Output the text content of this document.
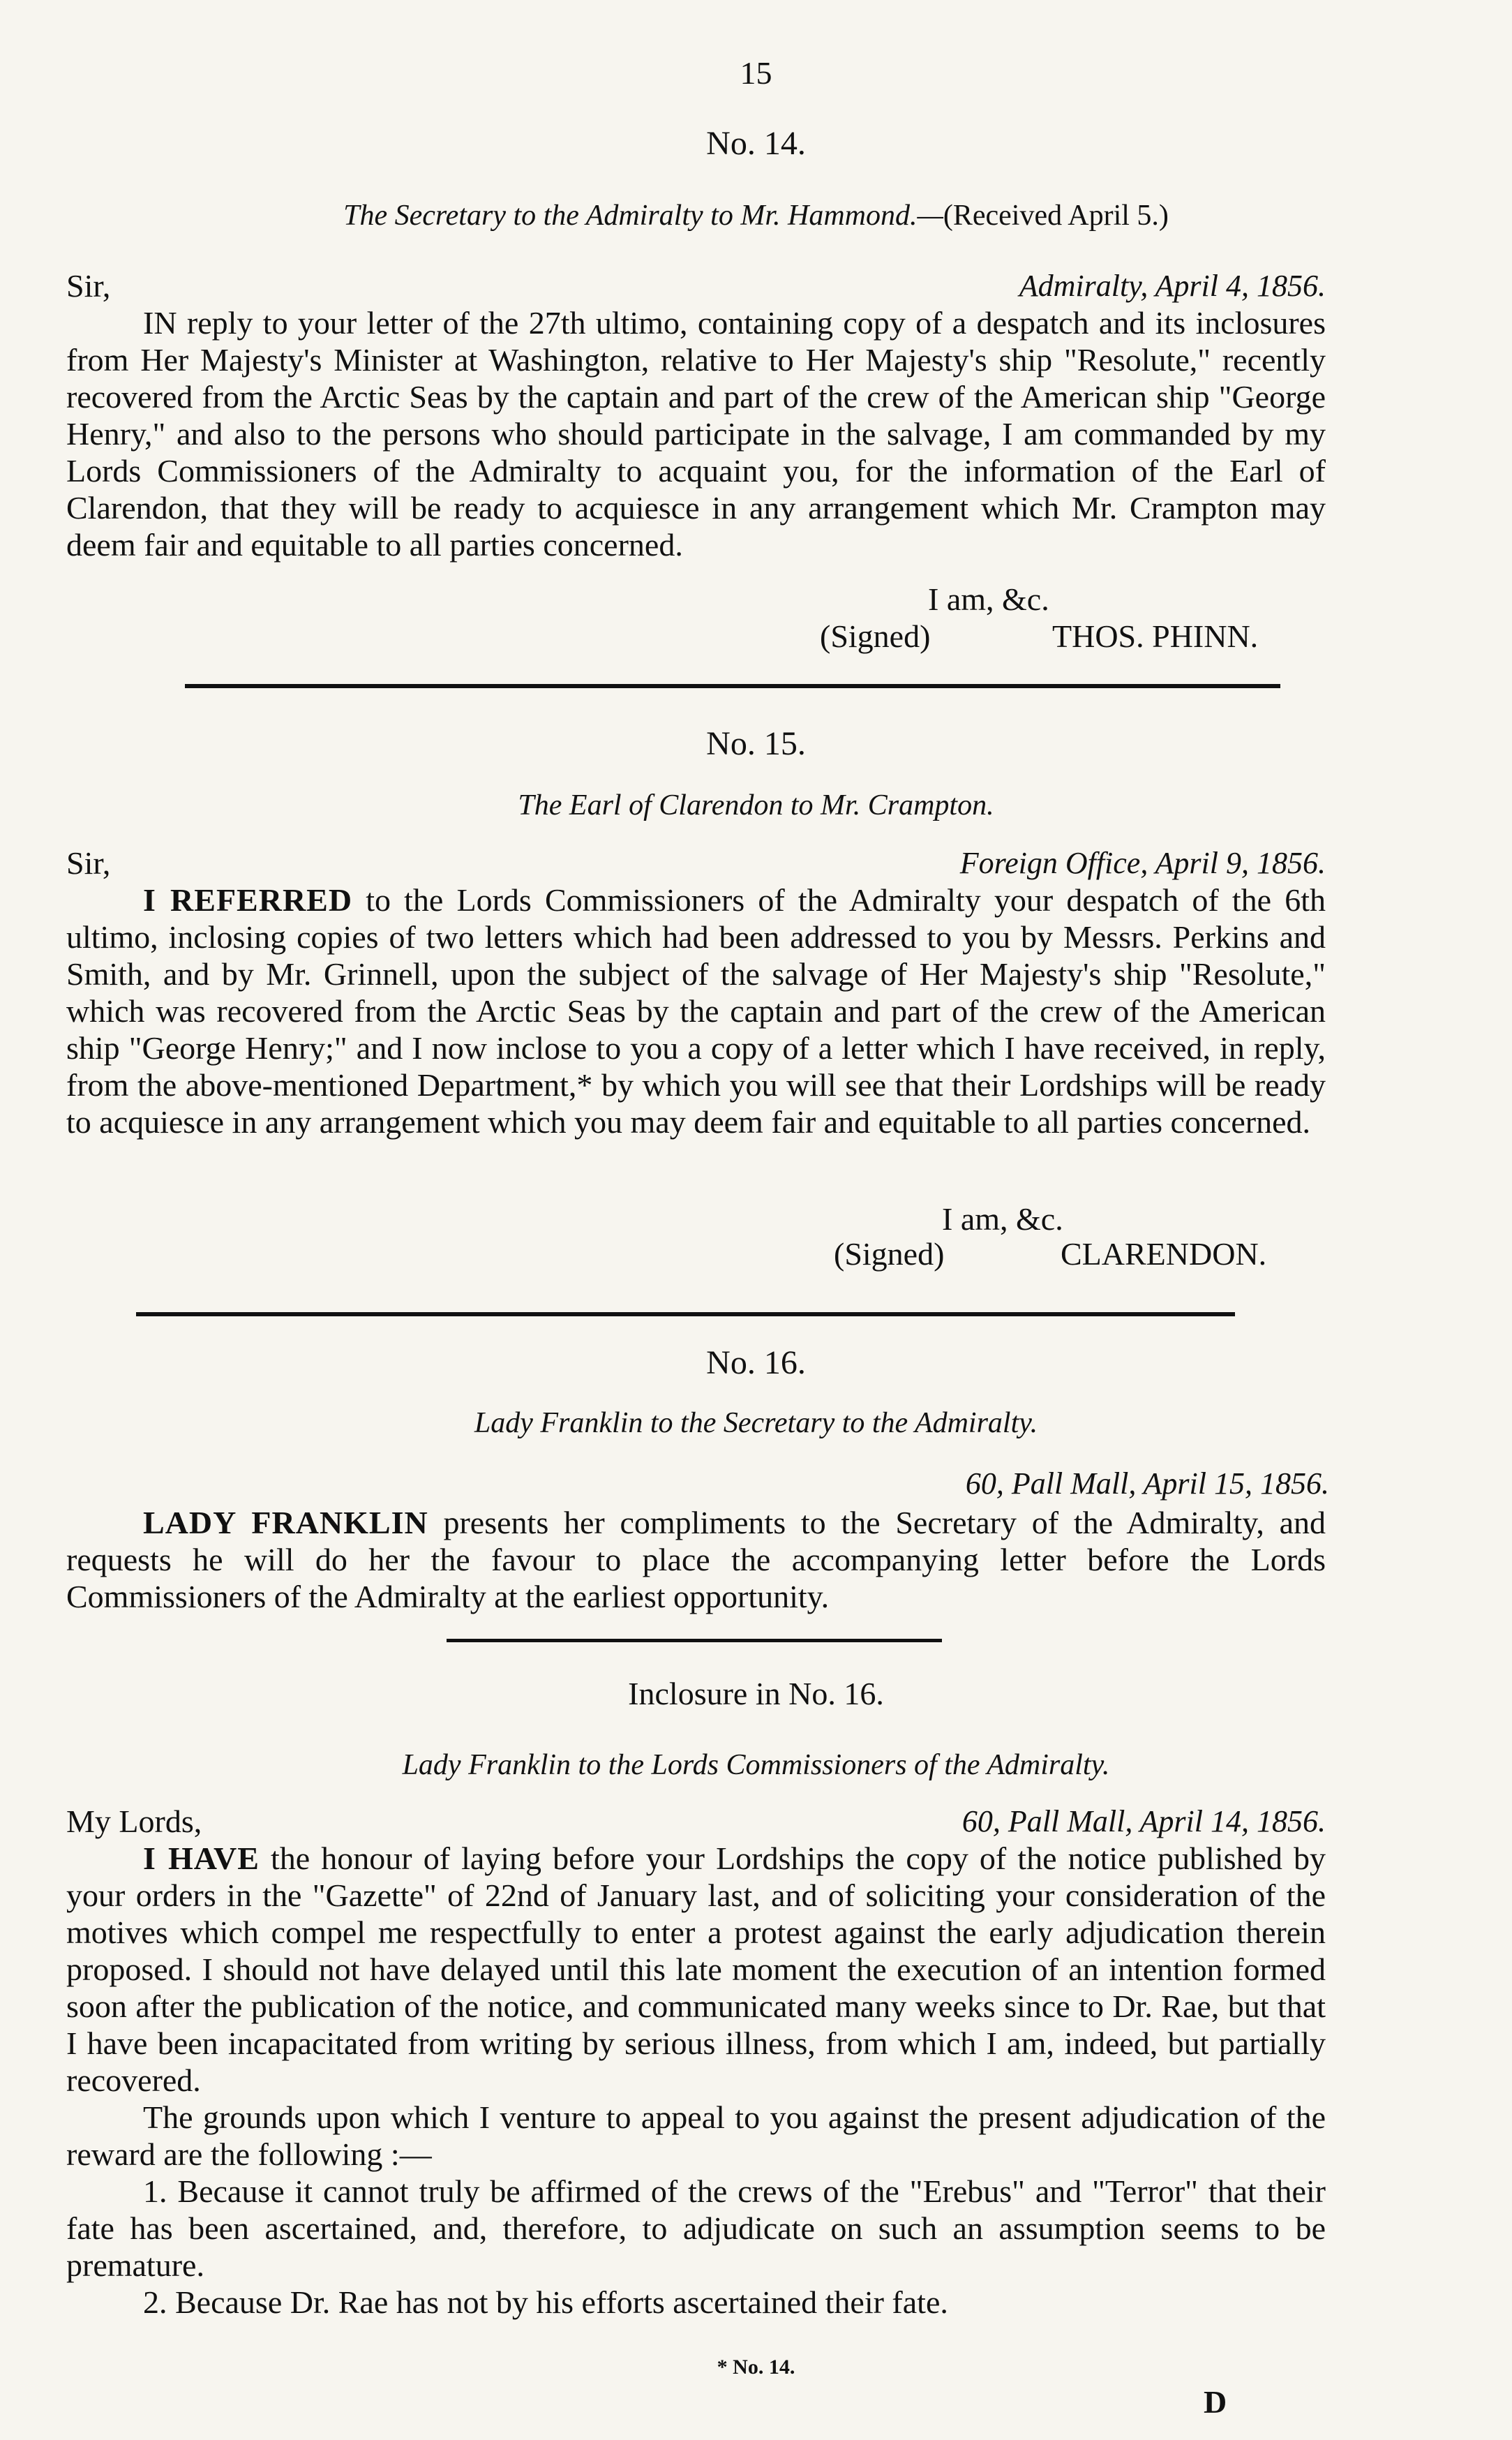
15
No. 14.
The Secretary to the Admiralty to Mr. Hammond.—(Received April 5.)
Sir,	Admiralty, April 4, 1856.

IN reply to your letter of the 27th ultimo, containing copy of a despatch and its inclosures from Her Majesty's Minister at Washington, relative to Her Majesty's ship "Resolute," recently recovered from the Arctic Seas by the captain and part of the crew of the American ship "George Henry," and also to the persons who should participate in the salvage, I am commanded by my Lords Commissioners of the Admiralty to acquaint you, for the information of the Earl of Clarendon, that they will be ready to acquiesce in any arrangement which Mr. Crampton may deem fair and equitable to all parties concerned.

I am, &c.
(Signed)	THOS. PHINN.
No. 15.
The Earl of Clarendon to Mr. Crampton.
Sir,	Foreign Office, April 9, 1856.

I REFERRED to the Lords Commissioners of the Admiralty your despatch of the 6th ultimo, inclosing copies of two letters which had been addressed to you by Messrs. Perkins and Smith, and by Mr. Grinnell, upon the subject of the salvage of Her Majesty's ship "Resolute," which was recovered from the Arctic Seas by the captain and part of the crew of the American ship "George Henry;" and I now inclose to you a copy of a letter which I have received, in reply, from the above-mentioned Department,* by which you will see that their Lordships will be ready to acquiesce in any arrangement which you may deem fair and equitable to all parties concerned.

I am, &c.
(Signed)	CLARENDON.
No. 16.
Lady Franklin to the Secretary to the Admiralty.
60, Pall Mall, April 15, 1856.

LADY FRANKLIN presents her compliments to the Secretary of the Admiralty, and requests he will do her the favour to place the accompanying letter before the Lords Commissioners of the Admiralty at the earliest opportunity.

Inclosure in No. 16.
Lady Franklin to the Lords Commissioners of the Admiralty.
My Lords,	60, Pall Mall, April 14, 1856.

I HAVE the honour of laying before your Lordships the copy of the notice published by your orders in the "Gazette" of 22nd of January last, and of soliciting your consideration of the motives which compel me respectfully to enter a protest against the early adjudication therein proposed. I should not have delayed until this late moment the execution of an intention formed soon after the publication of the notice, and communicated many weeks since to Dr. Rae, but that I have been incapacitated from writing by serious illness, from which I am, indeed, but partially recovered.

The grounds upon which I venture to appeal to you against the present adjudication of the reward are the following :—

1. Because it cannot truly be affirmed of the crews of the "Erebus" and "Terror" that their fate has been ascertained, and, therefore, to adjudicate on such an assumption seems to be premature.

2. Because Dr. Rae has not by his efforts ascertained their fate.

* No. 14.
D
